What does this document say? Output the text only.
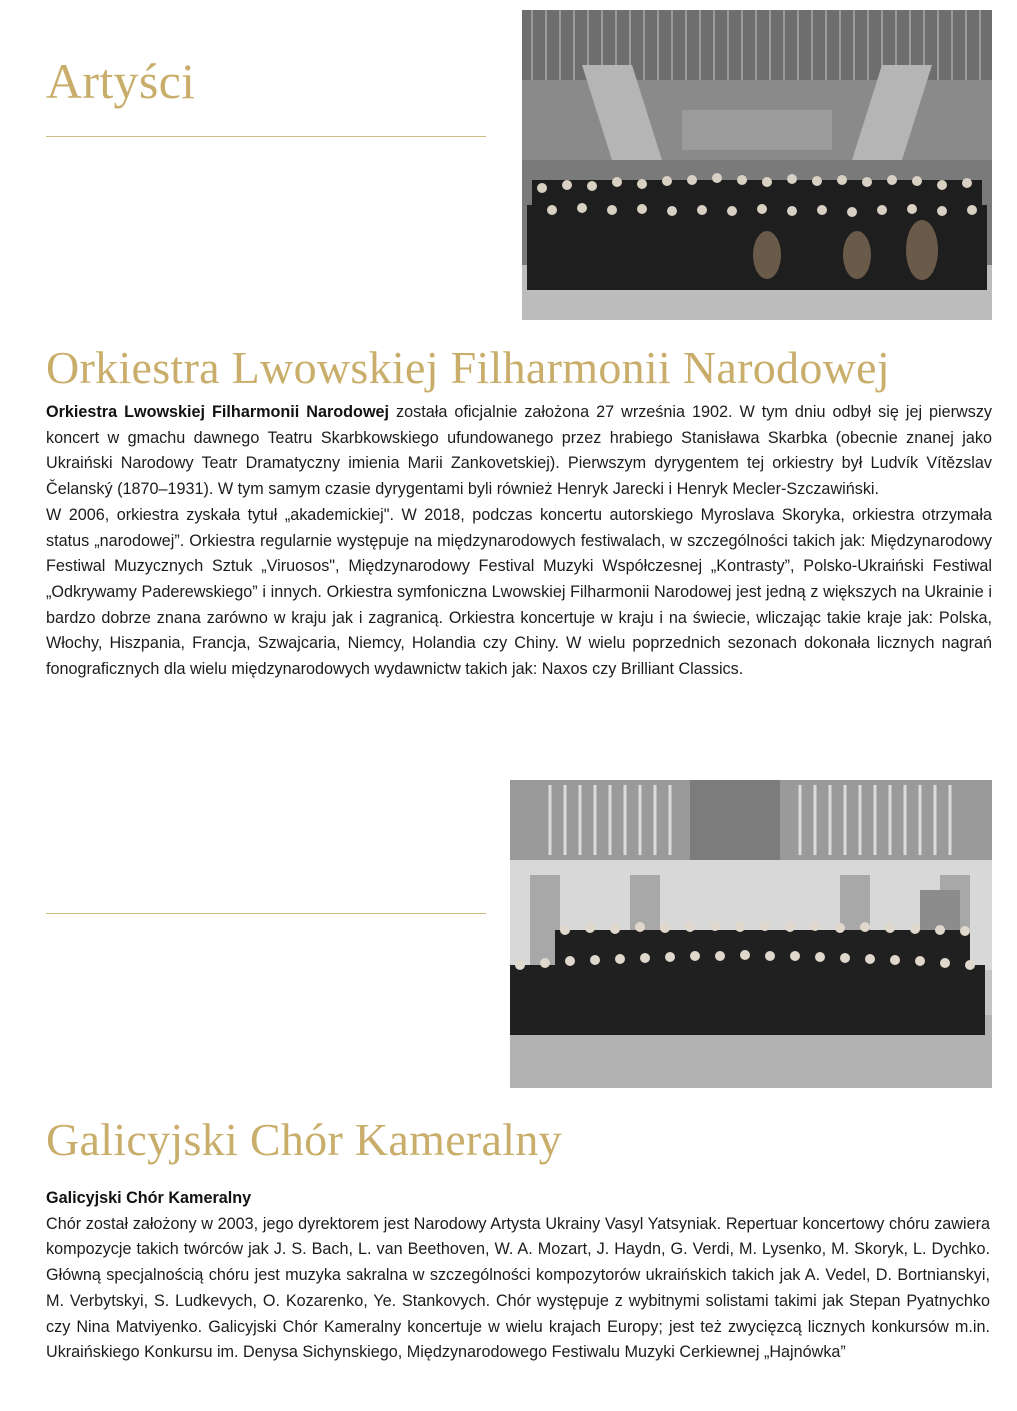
Artyści
Orkiestra Lwowskiej Filharmonii Narodowej

Orkiestra Lwowskiej Filharmonii Narodowej została oficjalnie założona 27 września 1902. W tym dniu odbył się jej pierwszy koncert w gmachu dawnego Teatru Skarbkowskiego ufundowanego przez hrabiego Stanisława Skarbka (obecnie znanej jako Ukraiński Narodowy Teatr Dramatyczny imienia Marii Zankovetskiej). Pierwszym dyrygentem tej orkiestry był Ludvík Vítězslav Čelanský (1870–1931). W tym samym czasie dyrygentami byli również Henryk Jarecki i Henryk Mecler-Szczawiński.

W 2006, orkiestra zyskała tytuł „akademickiej". W 2018, podczas koncertu autorskiego Myroslava Skoryka, orkiestra otrzymała status „narodowej”. Orkiestra regularnie występuje na międzynarodowych festiwalach, w szczególności takich jak: Międzynarodowy Festiwal Muzycznych Sztuk „Viruosos", Międzynarodowy Festival Muzyki Współczesnej „Kontrasty”, Polsko-Ukraiński Festiwal „Odkrywamy Paderewskiego” i innych. Orkiestra symfoniczna Lwowskiej Filharmonii Narodowej jest jedną z większych na Ukrainie i bardzo dobrze znana zarówno w kraju jak i zagranicą. Orkiestra koncertuje w kraju i na świecie, wliczając takie kraje jak: Polska, Włochy, Hiszpania, Francja, Szwajcaria, Niemcy, Holandia czy Chiny. W wielu poprzednich sezonach dokonała licznych nagrań fonograficznych dla wielu międzynarodowych wydawnictw takich jak: Naxos czy Brilliant Classics.

Galicyjski Chór Kameralny
Galicyjski Chór Kameralny

Chór został założony w 2003, jego dyrektorem jest Narodowy Artysta Ukrainy Vasyl Yatsyniak. Repertuar koncertowy chóru zawiera kompozycje takich twórców jak J. S. Bach, L. van Beethoven, W. A. Mozart, J. Haydn, G. Verdi, M. Lysenko, M. Skoryk, L. Dychko. Główną specjalnością chóru jest muzyka sakralna w szczególności kompozytorów ukraińskich takich jak A. Vedel, D. Bortnianskyi, M. Verbytskyi, S. Ludkevych, O. Kozarenko, Ye. Stankovych. Chór występuje z wybitnymi solistami takimi jak Stepan Pyatnychko czy Nina Matviyenko. Galicyjski Chór Kameralny koncertuje w wielu krajach Europy; jest też zwycięzcą licznych konkursów m.in. Ukraińskiego Konkursu im. Denysa Sichynskiego, Międzynarodowego Festiwalu Muzyki Cerkiewnej „Hajnówka”
